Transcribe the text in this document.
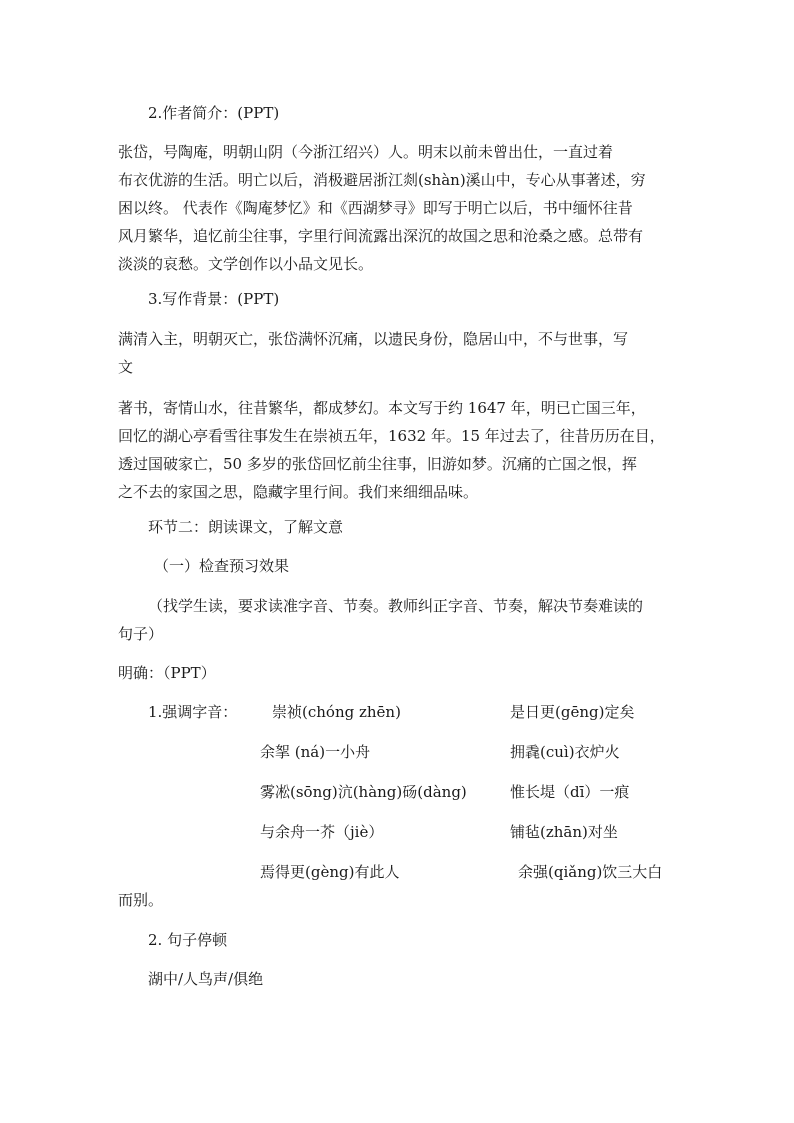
2.作者简介：(PPT)
张岱，号陶庵，明朝山阴（今浙江绍兴）人。明末以前未曾出仕，一直过着
布衣优游的生活。明亡以后，消极避居浙江剡(shàn)溪山中，专心从事著述，穷
困以终。 代表作《陶庵梦忆》和《西湖梦寻》即写于明亡以后，书中缅怀往昔
风月繁华，追忆前尘往事，字里行间流露出深沉的故国之思和沧桑之感。总带有
淡淡的哀愁。文学创作以小品文见长。
3.写作背景：(PPT)
满清入主，明朝灭亡，张岱满怀沉痛，以遗民身份，隐居山中，不与世事，写
文
著书，寄情山水，往昔繁华，都成梦幻。本文写于约 1647 年，明已亡国三年，
回忆的湖心亭看雪往事发生在崇祯五年，1632 年。15 年过去了，往昔历历在目，
透过国破家亡，50 多岁的张岱回忆前尘往事，旧游如梦。沉痛的亡国之恨，挥
之不去的家国之思，隐藏字里行间。我们来细细品味。
环节二：朗读课文，了解文意
（一）检查预习效果
（找学生读，要求读准字音、节奏。教师纠正字音、节奏，解决节奏难读的
句子）
明确：（PPT）
1.强调字音： 崇祯(chóng zhēn)	是日更(gēng)定矣
余挐 (ná)一小舟	拥毳(cuì)衣炉火
雾凇(sōng)沆(hàng)砀(dàng)	惟长堤（dī）一痕
与余舟一芥（jiè）	铺毡(zhān)对坐
焉得更(gèng)有此人	余强(qiǎng)饮三大白
而别。
2. 句子停顿
湖中/人鸟声/俱绝
